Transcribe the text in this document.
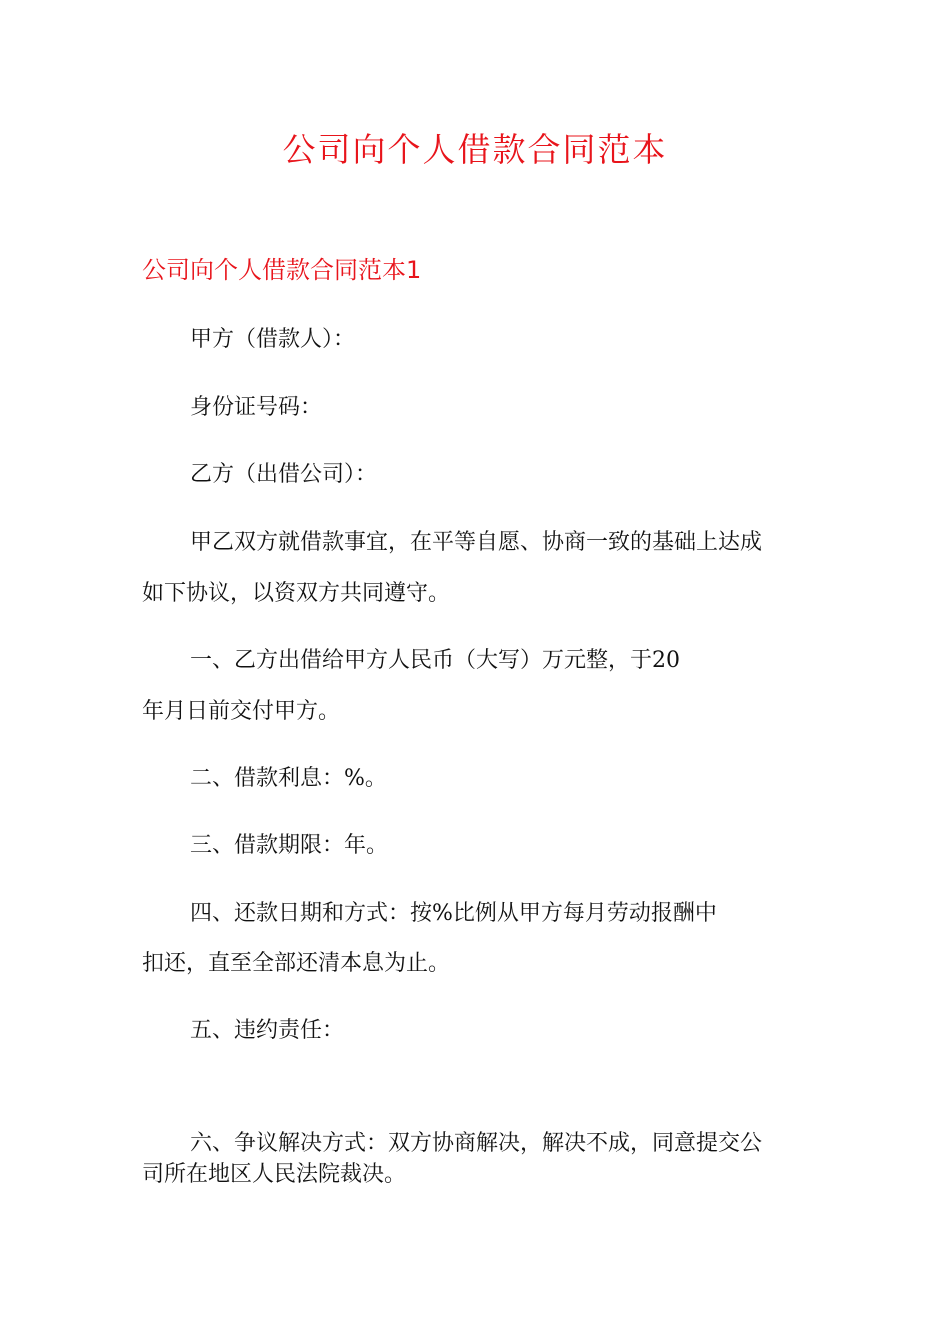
公司向个人借款合同范本
公司向个人借款合同范本1
甲方（借款人）：
身份证号码：
乙方（出借公司）：
甲乙双方就借款事宜，在平等自愿、协商一致的基础上达成
如下协议，以资双方共同遵守。
一、乙方出借给甲方人民币（大写）万元整，于20
年月日前交付甲方。
二、借款利息：%。
三、借款期限：年。
四、还款日期和方式：按%比例从甲方每月劳动报酬中
扣还，直至全部还清本息为止。
五、违约责任：
六、争议解决方式：双方协商解决，解决不成，同意提交公
司所在地区人民法院裁决。
